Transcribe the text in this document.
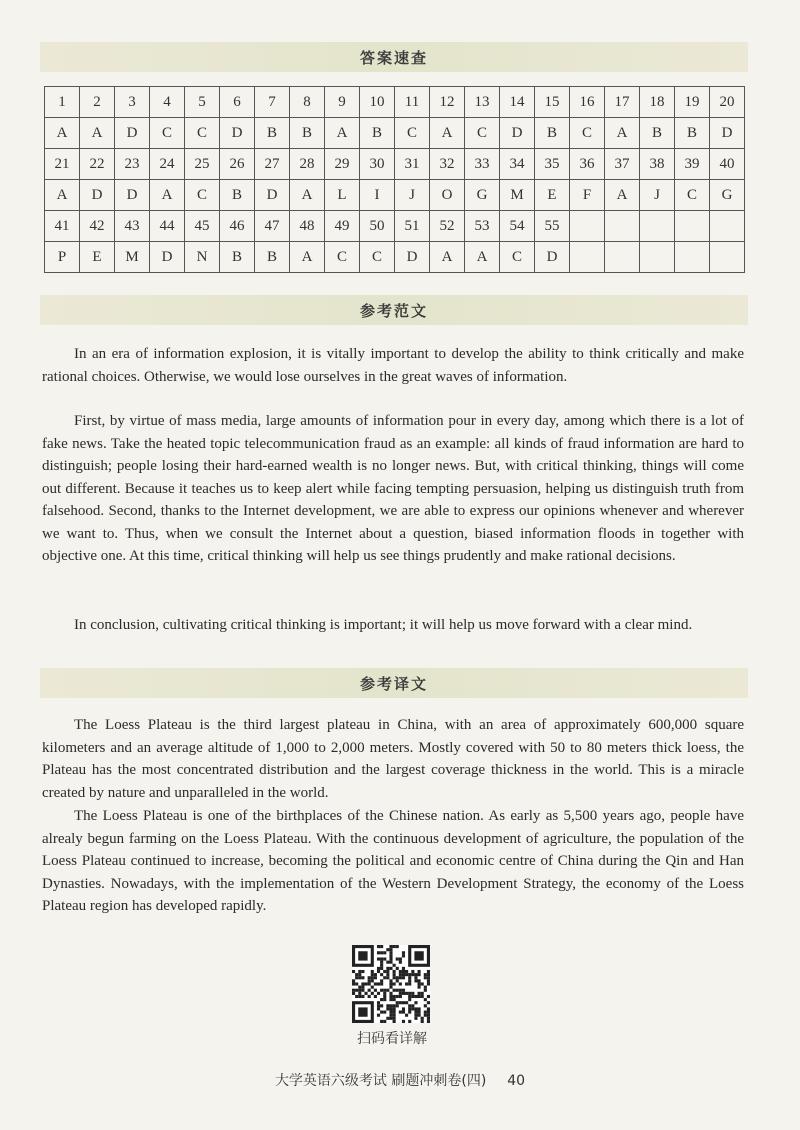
答案速查
1	2	3	4	5	6	7	8	9	10	11	12	13	14	15	16	17	18	19	20
A	A	D	C	C	D	B	B	A	B	C	A	C	D	B	C	A	B	B	D
21	22	23	24	25	26	27	28	29	30	31	32	33	34	35	36	37	38	39	40
A	D	D	A	C	B	D	A	L	I	J	O	G	M	E	F	A	J	C	G
41	42	43	44	45	46	47	48	49	50	51	52	53	54	55					
P	E	M	D	N	B	B	A	C	C	D	A	A	C	D					
参考范文

In an era of information explosion, it is vitally important to develop the ability to think critically and make rational choices. Otherwise, we would lose ourselves in the great waves of information.

First, by virtue of mass media, large amounts of information pour in every day, among which there is a lot of fake news. Take the heated topic telecommunication fraud as an example: all kinds of fraud information are hard to distinguish; people losing their hard-earned wealth is no longer news. But, with critical thinking, things will come out different. Because it teaches us to keep alert while facing tempting persuasion, helping us distinguish truth from falsehood. Second, thanks to the Internet development, we are able to express our opinions whenever and wherever we want to. Thus, when we consult the Internet about a question, biased information floods in together with objective one. At this time, critical thinking will help us see things prudently and make rational decisions.

In conclusion, cultivating critical thinking is important; it will help us move forward with a clear mind.

参考译文

The Loess Plateau is the third largest plateau in China, with an area of approximately 600,000 square kilometers and an average altitude of 1,000 to 2,000 meters. Mostly covered with 50 to 80 meters thick loess, the Plateau has the most concentrated distribution and the largest coverage thickness in the world. This is a miracle created by nature and unparalleled in the world.

The Loess Plateau is one of the birthplaces of the Chinese nation. As early as 5,500 years ago, people have alrealy begun farming on the Loess Plateau. With the continuous development of agriculture, the population of the Loess Plateau continued to increase, becoming the political and economic centre of China during the Qin and Han Dynasties. Nowadays, with the implementation of the Western Development Strategy, the economy of the Loess Plateau region has developed rapidly.

扫码看详解
大学英语六级考试 刷题冲刺卷(四) 40
